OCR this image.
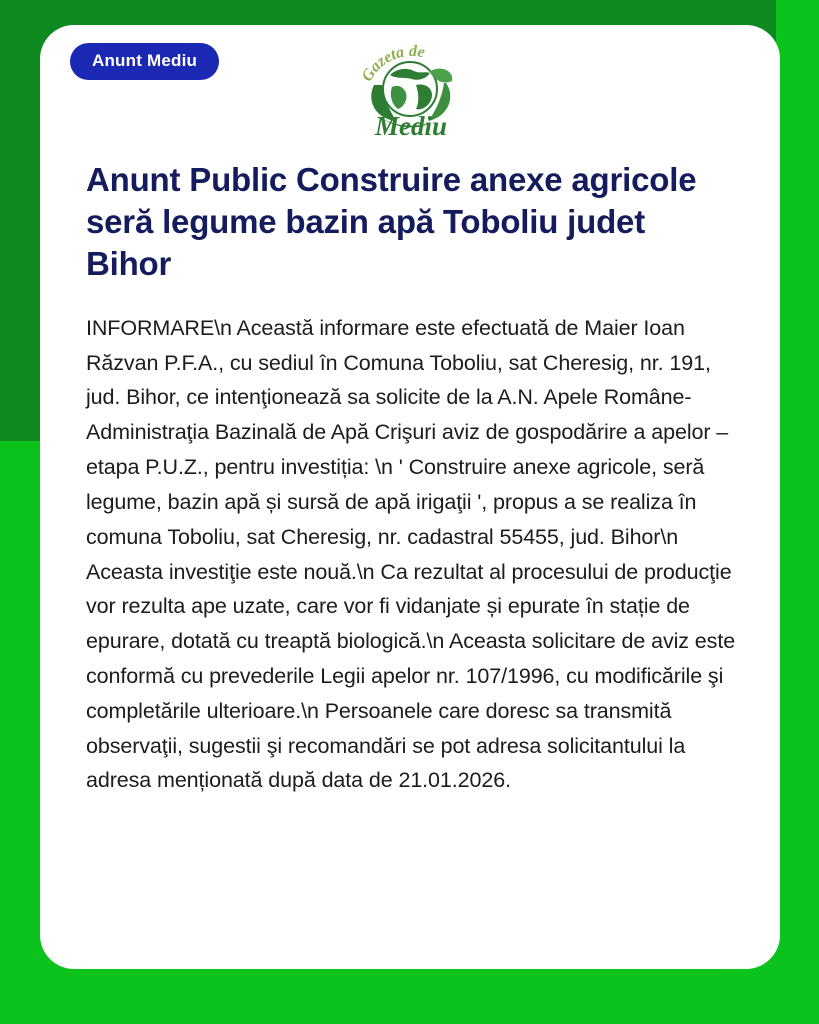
Anunt Mediu
Gazeta de
Mediu
Anunt Public Construire anexe agricole seră legume bazin apă Toboliu judet Bihor

INFORMARE\n Această informare este efectuată de Maier Ioan Răzvan P.F.A., cu sediul în Comuna Toboliu, sat Cheresig, nr. 191, jud. Bihor, ce intenţionează sa solicite de la A.N. Apele Române-Administraţia Bazinală de Apă Crişuri aviz de gospodărire a apelor – etapa P.U.Z., pentru investiția: \n ' Construire anexe agricole, seră legume, bazin apă și sursă de apă irigaţii ', propus a se realiza în comuna Toboliu, sat Cheresig, nr. cadastral 55455, jud. Bihor\n Aceasta investiţie este nouă.\n Ca rezultat al procesului de producţie vor rezulta ape uzate, care vor fi vidanjate și epurate în stație de epurare, dotată cu treaptă biologică.\n Aceasta solicitare de aviz este conformă cu prevederile Legii apelor nr. 107/1996, cu modificările şi completările ulterioare.\n Persoanele care doresc sa transmită observaţii, sugestii şi recomandări se pot adresa solicitantului la adresa menționată după data de 21.01.2026.
